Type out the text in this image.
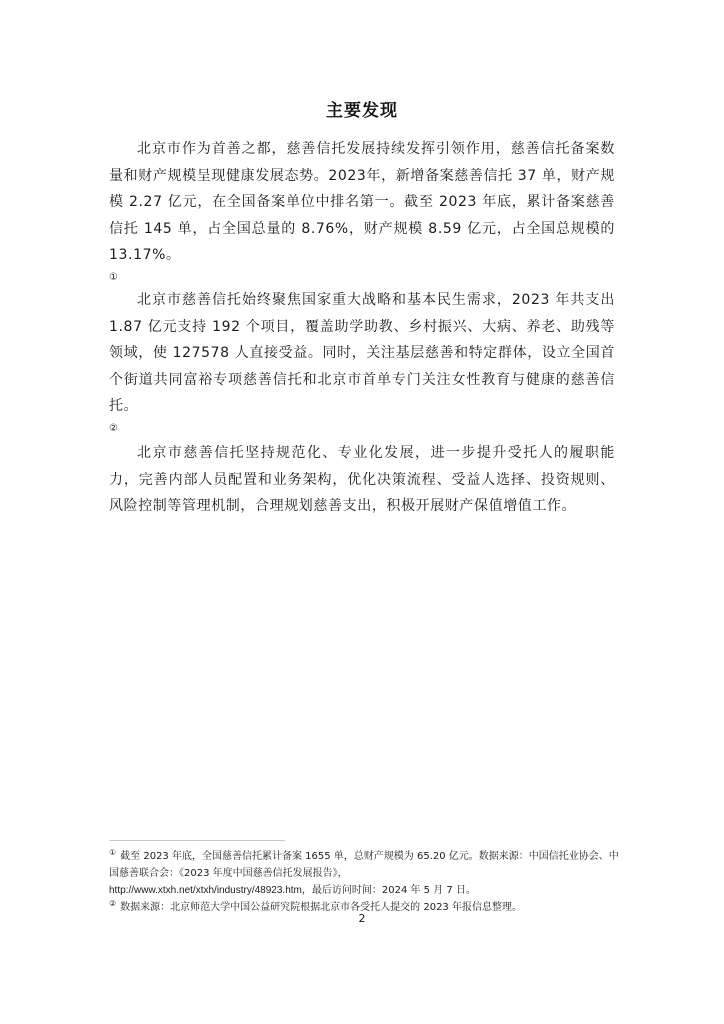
主要发现

北京市作为首善之都，慈善信托发展持续发挥引领作用，慈善信托备案数量和财产规模呈现健康发展态势。2023年，新增备案慈善信托 37 单，财产规模 2.27 亿元，在全国备案单位中排名第一。截至 2023 年底，累计备案慈善信托 145 单，占全国总量的 8.76%，财产规模 8.59 亿元，占全国总规模的 13.17%。

①

北京市慈善信托始终聚焦国家重大战略和基本民生需求，2023 年共支出 1.87 亿元支持 192 个项目，覆盖助学助教、乡村振兴、大病、养老、助残等领域，使 127578 人直接受益。同时，关注基层慈善和特定群体，设立全国首个街道共同富裕专项慈善信托和北京市首单专门关注女性教育与健康的慈善信托。

②

北京市慈善信托坚持规范化、专业化发展，进一步提升受托人的履职能力，完善内部人员配置和业务架构，优化决策流程、受益人选择、投资规则、风险控制等管理机制，合理规划慈善支出，积极开展财产保值增值工作。

① 截至 2023 年底，全国慈善信托累计备案 1655 单，总财产规模为 65.20 亿元。数据来源：中国信托业协会、中国慈善联合会：《2023 年度中国慈善信托发展报告》，
http://www.xtxh.net/xtxh/industry/48923.htm，最后访问时间：2024 年 5 月 7 日。
② 数据来源：北京师范大学中国公益研究院根据北京市各受托人提交的 2023 年报信息整理。
2
